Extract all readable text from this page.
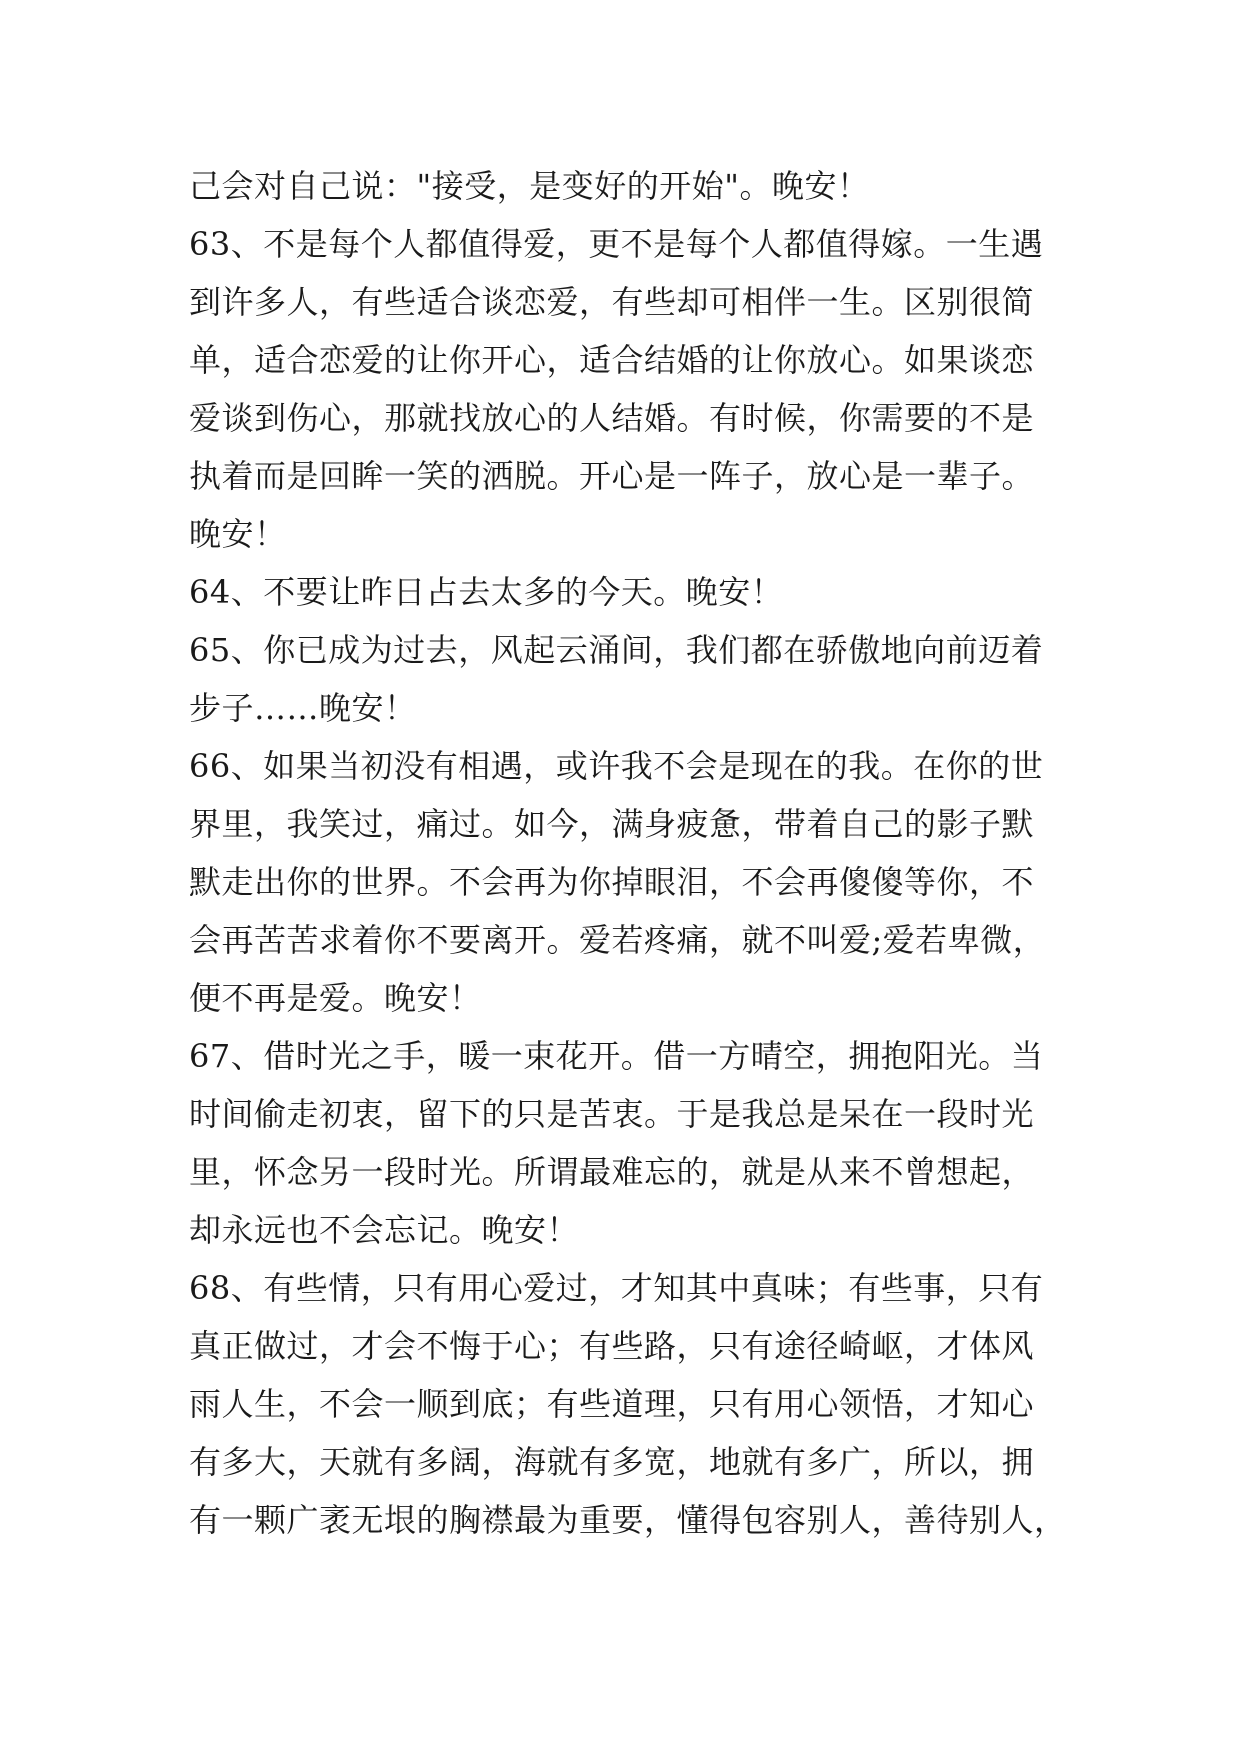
己会对自己说："接受，是变好的开始"。晚安！
63、不是每个人都值得爱，更不是每个人都值得嫁。一生遇
到许多人，有些适合谈恋爱，有些却可相伴一生。区别很简
单，适合恋爱的让你开心，适合结婚的让你放心。如果谈恋
爱谈到伤心，那就找放心的人结婚。有时候，你需要的不是
执着而是回眸一笑的洒脱。开心是一阵子，放心是一辈子。
晚安！
64、不要让昨日占去太多的今天。晚安！
65、你已成为过去，风起云涌间，我们都在骄傲地向前迈着
步子……晚安！
66、如果当初没有相遇，或许我不会是现在的我。在你的世
界里，我笑过，痛过。如今，满身疲惫，带着自己的影子默
默走出你的世界。不会再为你掉眼泪，不会再傻傻等你，不
会再苦苦求着你不要离开。爱若疼痛，就不叫爱;爱若卑微，
便不再是爱。晚安！
67、借时光之手，暖一束花开。借一方晴空，拥抱阳光。当
时间偷走初衷，留下的只是苦衷。于是我总是呆在一段时光
里，怀念另一段时光。所谓最难忘的，就是从来不曾想起，
却永远也不会忘记。晚安！
68、有些情，只有用心爱过，才知其中真味；有些事，只有
真正做过，才会不悔于心；有些路，只有途径崎岖，才体风
雨人生，不会一顺到底；有些道理，只有用心领悟，才知心
有多大，天就有多阔，海就有多宽，地就有多广，所以，拥
有一颗广袤无垠的胸襟最为重要，懂得包容别人，善待别人，
